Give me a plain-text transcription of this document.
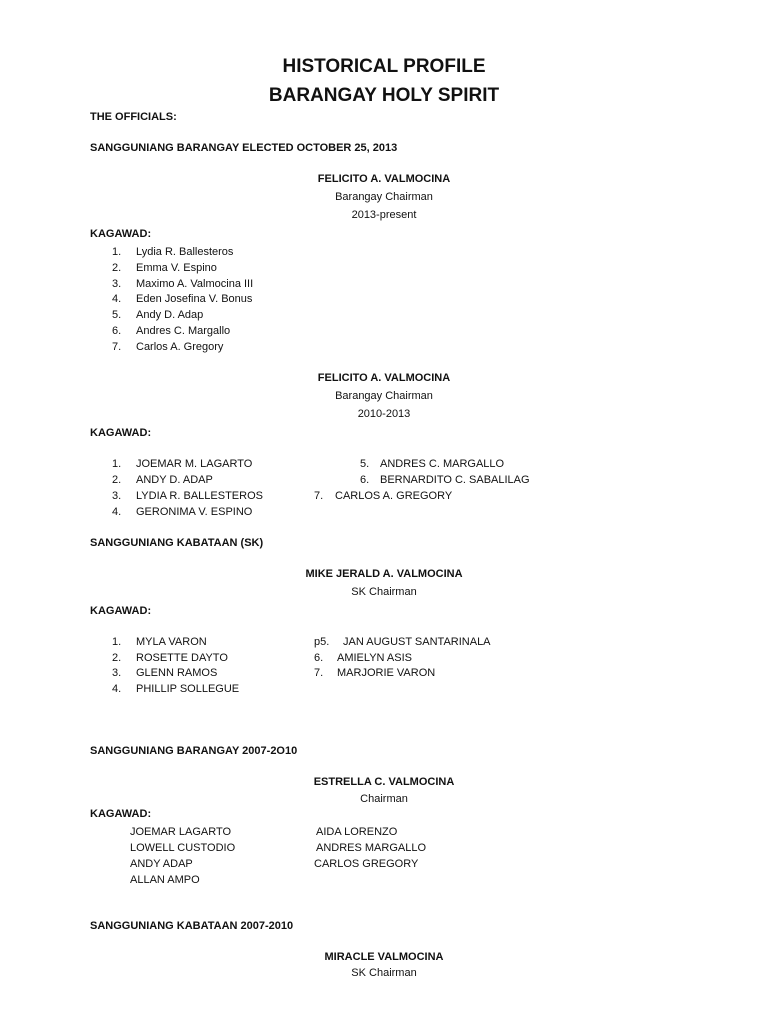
HISTORICAL PROFILE
BARANGAY HOLY SPIRIT
THE OFFICIALS:
SANGGUNIANG BARANGAY ELECTED OCTOBER 25, 2013
FELICITO A. VALMOCINA
Barangay Chairman
2013-present
KAGAWAD:
1. Lydia R. Ballesteros
2. Emma V. Espino
3. Maximo A. Valmocina III
4. Eden Josefina V. Bonus
5. Andy D. Adap
6. Andres C. Margallo
7. Carlos A. Gregory
FELICITO A. VALMOCINA
Barangay Chairman
2010-2013
KAGAWAD:
1. JOEMAR M. LAGARTO
2. ANDY D. ADAP
3. LYDIA R. BALLESTEROS
4. GERONIMA V. ESPINO
5. ANDRES C. MARGALLO
6. BERNARDITO C. SABALILAG
7. CARLOS A. GREGORY
SANGGUNIANG KABATAAN (SK)
MIKE JERALD A. VALMOCINA
SK Chairman
KAGAWAD:
1. MYLA VARON
2. ROSETTE DAYTO
3. GLENN RAMOS
4. PHILLIP SOLLEGUE
p5. JAN AUGUST SANTARINALA
6. AMIELYN ASIS
7. MARJORIE VARON
SANGGUNIANG BARANGAY 2007-2O10
ESTRELLA C. VALMOCINA
Chairman
KAGAWAD:
JOEMAR LAGARTO
LOWELL CUSTODIO
ANDY ADAP
ALLAN AMPO
AIDA LORENZO
ANDRES MARGALLO
CARLOS GREGORY
SANGGUNIANG KABATAAN 2007-2010
MIRACLE VALMOCINA
SK Chairman
